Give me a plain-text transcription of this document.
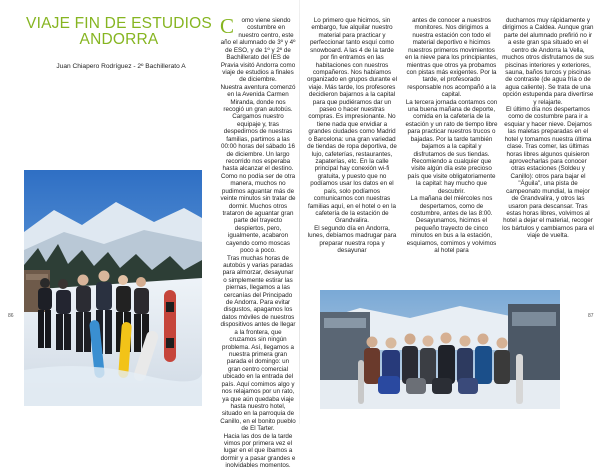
VIAJE FIN DE ESTUDIOS
ANDORRA
Juan Chiapero Rodríguez - 2º Bachillerato A
86

C omo viene siendo costumbre en nuestro centro, este año el alumnado de 3º y 4º de ESO, y de 1º y 2º de Bachillerato del IES de Pravia visitó Andorra como viaje de estudios a finales de diciembre.

Nuestra aventura comenzó en la Avenida Carmen Miranda, donde nos recogió un gran autobús. Cargamos nuestro equipaje y, tras despedirnos de nuestras familias, partimos a las 00:00 horas del sábado 16 de diciembre. Un largo recorrido nos esperaba hasta alcanzar el destino. Como no podía ser de otra manera, muchos no pudimos aguantar más de veinte minutos sin tratar de dormir. Muchos otros trataron de aguantar gran parte del trayecto despiertos, pero, igualmente, acabaron cayendo como moscas poco a poco.

Tras muchas horas de autobús y varias paradas para almorzar, desayunar o simplemente estirar las piernas, llegamos a las cercanías del Principado de Andorra. Para evitar disgustos, apagamos los datos móviles de nuestros dispositivos antes de llegar a la frontera, que cruzamos sin ningún problema. Así, llegamos a nuestra primera gran parada el domingo: un gran centro comercial ubicado en la entrada del país. Aquí comimos algo y nos relajamos por un rato, ya que aún quedaba viaje hasta nuestro hotel, situado en la parroquia de Canillo, en el bonito pueblo de El Tarter.

Hacia las dos de la tarde vimos por primera vez el lugar en el que íbamos a dormir y a pasar grandes e inolvidables momentos.

Lo primero que hicimos, sin embargo, fue alquilar nuestro material para practicar y perfeccionar tanto esquí como snowboard. A las 4 de la tarde por fin entramos en las habitaciones con nuestros compañeros. Nos habíamos organizado en grupos durante el viaje. Más tarde, los profesores decidieron bajarnos a la capital para que pudiéramos dar un paseo o hacer nuestras compras. Es impresionante. No tiene nada que envidiar a grandes ciudades como Madrid o Barcelona: una gran variedad de tiendas de ropa deportiva, de lujo, cafeterías, restaurantes, zapaterías, etc. En la calle principal hay conexión wi-fi gratuita, y puesto que no podíamos usar los datos en el país, solo podíamos comunicarnos con nuestras familias aquí, en el hotel o en la cafetería de la estación de Grandvalira.

El segundo día en Andorra, lunes, debíamos madrugar para preparar nuestra ropa y desayunar

antes de conocer a nuestros monitores. Nos dirigimos a nuestra estación con todo el material deportivo e hicimos nuestros primeros movimientos en la nieve para los principiantes, mientras que otros ya probamos con pistas más exigentes. Por la tarde, el profesorado responsable nos acompañó a la capital.

La tercera jornada contamos con una buena mañana de deporte, comida en la cafetería de la estación y un rato de tiempo libre para practicar nuestros trucos o bajadas. Por la tarde también bajamos a la capital y disfrutamos de sus tiendas. Recomiendo a cualquier que visite algún día este precioso país que visite obligatoriamente la capital: hay mucho que descubrir.

La mañana del miércoles nos despertamos, como de costumbre, antes de las 8:00. Desayunamos, hicimos el pequeño trayecto de cinco minutos en bus a la estación, esquiamos, comimos y volvimos al hotel para

ducharnos muy rápidamente y dirigirnos a Caldea. Aunque gran parte del alumnado prefirió no ir a este gran spa situado en el centro de Andorra la Vella, muchos otros disfrutamos de sus piscinas interiores y exteriores, sauna, baños turcos y piscinas de contraste (de agua fría o de agua caliente). Se trata de una opción estupenda para divertirse y relajarte.

El último día nos despertamos como de costumbre para ir a esquiar y hacer nieve. Dejamos las maletas preparadas en el hotel y tomamos nuestra última clase. Tras comer, las últimas horas libres algunos quisieron aprovecharlas para conocer otras estaciones (Soldeu y Canillo): otros para bajar el "Águila", una pista de campeonato mundial, la mejor de Grandvalira, y otros las usaron para descansar. Tras estas horas libres, volvimos al hotel a dejar el material, recoger los bártulos y cambiarnos para el viaje de vuelta.

87
